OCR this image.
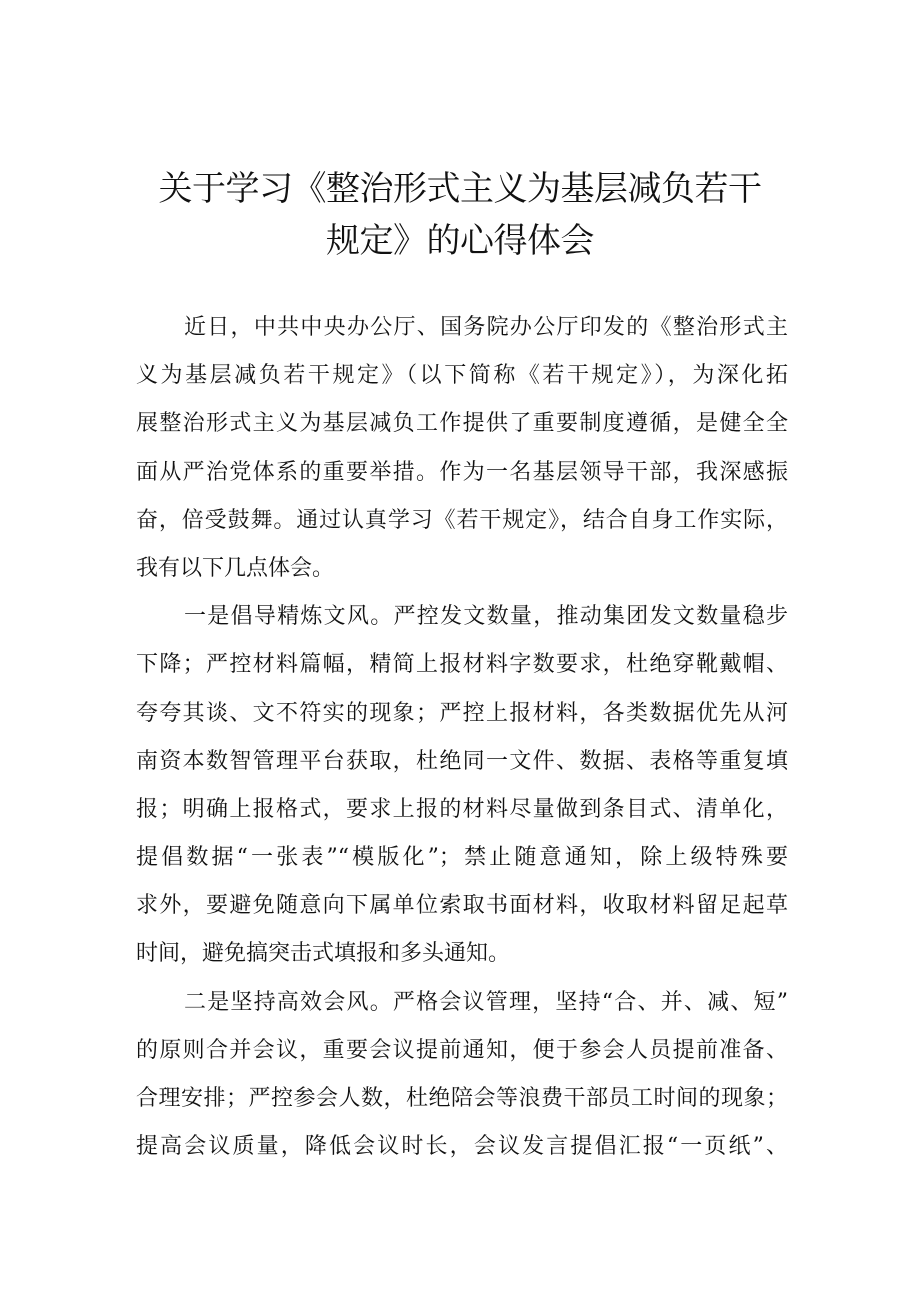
关于学习《整治形式主义为基层减负若干
规定》的心得体会
近日，中共中央办公厅、国务院办公厅印发的《整治形式主
义为基层减负若干规定》（以下简称《若干规定》），为深化拓
展整治形式主义为基层减负工作提供了重要制度遵循，是健全全
面从严治党体系的重要举措。作为一名基层领导干部，我深感振
奋，倍受鼓舞。通过认真学习《若干规定》，结合自身工作实际，
我有以下几点体会。
一是倡导精炼文风。严控发文数量，推动集团发文数量稳步
下降；严控材料篇幅，精简上报材料字数要求，杜绝穿靴戴帽、
夸夸其谈、文不符实的现象；严控上报材料，各类数据优先从河
南资本数智管理平台获取，杜绝同一文件、数据、表格等重复填
报；明确上报格式，要求上报的材料尽量做到条目式、清单化，
提倡数据“一张表”“模版化”；禁止随意通知，除上级特殊要
求外，要避免随意向下属单位索取书面材料，收取材料留足起草
时间，避免搞突击式填报和多头通知。
二是坚持高效会风。严格会议管理，坚持“合、并、减、短”
的原则合并会议，重要会议提前通知，便于参会人员提前准备、
合理安排；严控参会人数，杜绝陪会等浪费干部员工时间的现象；
提高会议质量，降低会议时长，会议发言提倡汇报“一页纸”、
